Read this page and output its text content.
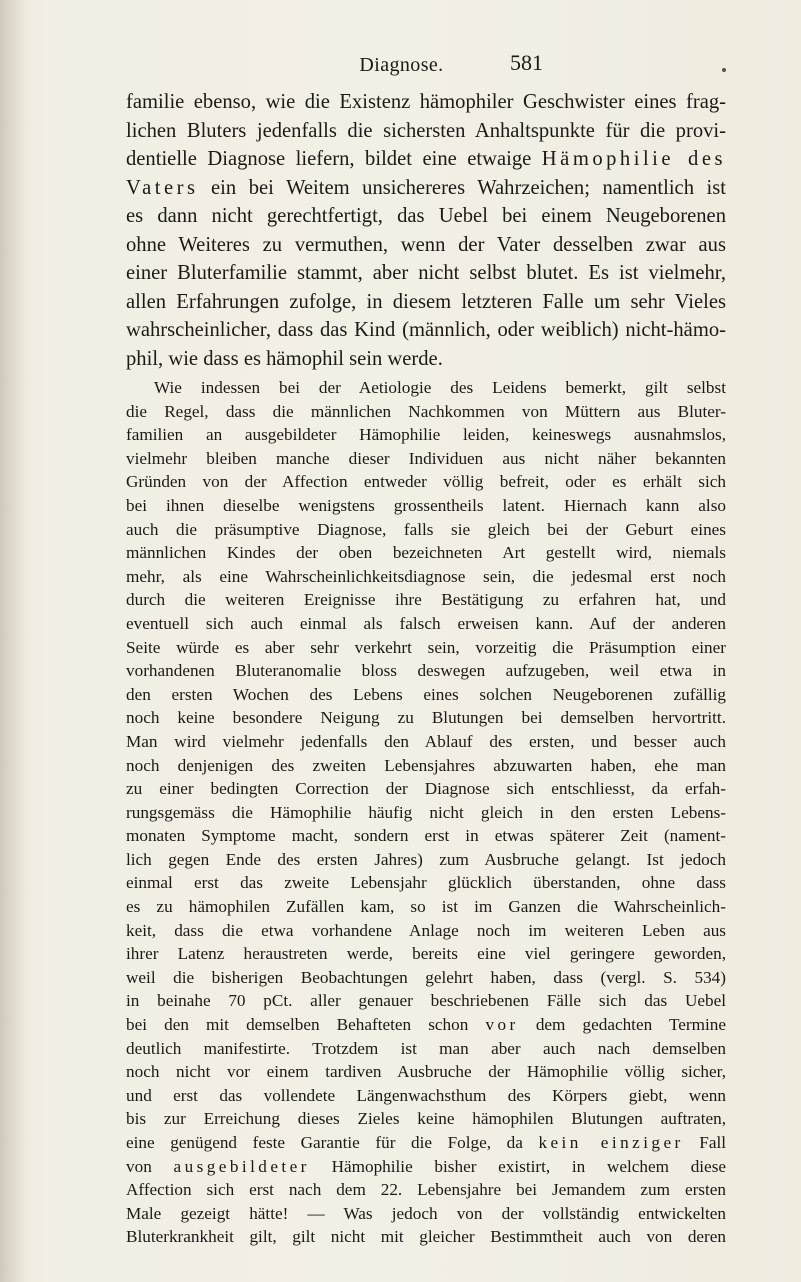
Diagnose.	581
familie ebenso, wie die Existenz hämophiler Geschwister eines frag-
lichen Bluters jedenfalls die sichersten Anhaltspunkte für die provi-
dentielle Diagnose liefern, bildet eine etwaige Hämophilie des
Vaters ein bei Weitem unsichereres Wahrzeichen; namentlich ist
es dann nicht gerechtfertigt, das Uebel bei einem Neugeborenen
ohne Weiteres zu vermuthen, wenn der Vater desselben zwar aus
einer Bluterfamilie stammt, aber nicht selbst blutet. Es ist vielmehr,
allen Erfahrungen zufolge, in diesem letzteren Falle um sehr Vieles
wahrscheinlicher, dass das Kind (männlich, oder weiblich) nicht-hämo-
phil, wie dass es hämophil sein werde.
Wie indessen bei der Aetiologie des Leidens bemerkt, gilt selbst
die Regel, dass die männlichen Nachkommen von Müttern aus Bluter-
familien an ausgebildeter Hämophilie leiden, keineswegs ausnahmslos,
vielmehr bleiben manche dieser Individuen aus nicht näher bekannten
Gründen von der Affection entweder völlig befreit, oder es erhält sich
bei ihnen dieselbe wenigstens grossentheils latent. Hiernach kann also
auch die präsumptive Diagnose, falls sie gleich bei der Geburt eines
männlichen Kindes der oben bezeichneten Art gestellt wird, niemals
mehr, als eine Wahrscheinlichkeitsdiagnose sein, die jedesmal erst noch
durch die weiteren Ereignisse ihre Bestätigung zu erfahren hat, und
eventuell sich auch einmal als falsch erweisen kann. Auf der anderen
Seite würde es aber sehr verkehrt sein, vorzeitig die Präsumption einer
vorhandenen Bluteranomalie bloss deswegen aufzugeben, weil etwa in
den ersten Wochen des Lebens eines solchen Neugeborenen zufällig
noch keine besondere Neigung zu Blutungen bei demselben hervortritt.
Man wird vielmehr jedenfalls den Ablauf des ersten, und besser auch
noch denjenigen des zweiten Lebensjahres abzuwarten haben, ehe man
zu einer bedingten Correction der Diagnose sich entschliesst, da erfah-
rungsgemäss die Hämophilie häufig nicht gleich in den ersten Lebens-
monaten Symptome macht, sondern erst in etwas späterer Zeit (nament-
lich gegen Ende des ersten Jahres) zum Ausbruche gelangt. Ist jedoch
einmal erst das zweite Lebensjahr glücklich überstanden, ohne dass
es zu hämophilen Zufällen kam, so ist im Ganzen die Wahrscheinlich-
keit, dass die etwa vorhandene Anlage noch im weiteren Leben aus
ihrer Latenz heraustreten werde, bereits eine viel geringere geworden,
weil die bisherigen Beobachtungen gelehrt haben, dass (vergl. S. 534)
in beinahe 70 pCt. aller genauer beschriebenen Fälle sich das Uebel
bei den mit demselben Behafteten schon vor dem gedachten Termine
deutlich manifestirte. Trotzdem ist man aber auch nach demselben
noch nicht vor einem tardiven Ausbruche der Hämophilie völlig sicher,
und erst das vollendete Längenwachsthum des Körpers giebt, wenn
bis zur Erreichung dieses Zieles keine hämophilen Blutungen auftraten,
eine genügend feste Garantie für die Folge, da kein einziger Fall
von ausgebildeter Hämophilie bisher existirt, in welchem diese
Affection sich erst nach dem 22. Lebensjahre bei Jemandem zum ersten
Male gezeigt hätte! — Was jedoch von der vollständig entwickelten
Bluterkrankheit gilt, gilt nicht mit gleicher Bestimmtheit auch von deren
